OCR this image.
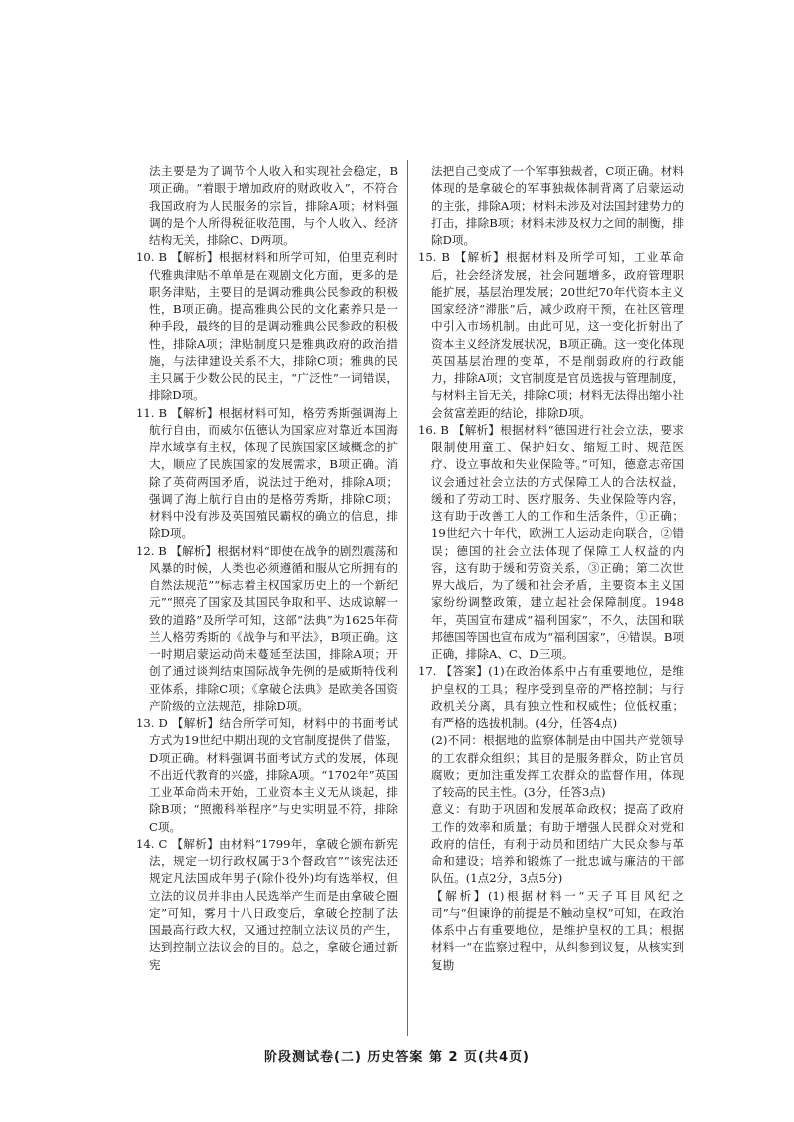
法主要是为了调节个人收入和实现社会稳定，B项正确。“着眼于增加政府的财政收入”，不符合我国政府为人民服务的宗旨，排除A项；材料强调的是个人所得税征收范围，与个人收入、经济结构无关，排除C、D两项。

10. B 【解析】根据材料和所学可知，伯里克利时代雅典津贴不单单是在观剧文化方面，更多的是职务津贴，主要目的是调动雅典公民参政的积极性，B项正确。提高雅典公民的文化素养只是一种手段，最终的目的是调动雅典公民参政的积极性，排除A项；津贴制度只是雅典政府的政治措施，与法律建设关系不大，排除C项；雅典的民主只属于少数公民的民主，“广泛性”一词错误，排除D项。

11. B 【解析】根据材料可知，格劳秀斯强调海上航行自由，而威尔伍德认为国家应对靠近本国海岸水域享有主权，体现了民族国家区域概念的扩大，顺应了民族国家的发展需求，B项正确。消除了英荷两国矛盾，说法过于绝对，排除A项；强调了海上航行自由的是格劳秀斯，排除C项；材料中没有涉及英国殖民霸权的确立的信息，排除D项。

12. B 【解析】根据材料“即使在战争的剧烈震荡和风暴的时候，人类也必须遵循和服从它所拥有的自然法规范”“标志着主权国家历史上的一个新纪元”“照亮了国家及其国民争取和平、达成谅解一致的道路”及所学可知，这部“法典”为1625年荷兰人格劳秀斯的《战争与和平法》，B项正确。这一时期启蒙运动尚未蔓延至法国，排除A项；开创了通过谈判结束国际战争先例的是威斯特伐利亚体系，排除C项；《拿破仑法典》是欧美各国资产阶级的立法规范，排除D项。

13. D 【解析】结合所学可知，材料中的书面考试方式为19世纪中期出现的文官制度提供了借鉴，D项正确。材料强调书面考试方式的发展，体现不出近代教育的兴盛，排除A项。“1702年”英国工业革命尚未开始，工业资本主义无从谈起，排除B项；“照搬科举程序”与史实明显不符，排除C项。

14. C 【解析】由材料“1799年，拿破仑颁布新宪法，规定一切行政权属于3个督政官”“该宪法还规定凡法国成年男子(除仆役外)均有选举权，但立法的议员并非由人民选举产生而是由拿破仑圈定”可知，雾月十八日政变后，拿破仑控制了法国最高行政大权，又通过控制立法议员的产生，达到控制立法议会的目的。总之，拿破仑通过新宪

法把自己变成了一个军事独裁者，C项正确。材料体现的是拿破仑的军事独裁体制背离了启蒙运动的主张，排除A项；材料未涉及对法国封建势力的打击，排除B项；材料未涉及权力之间的制衡，排除D项。

15. B 【解析】根据材料及所学可知，工业革命后，社会经济发展，社会问题增多，政府管理职能扩展，基层治理发展；20世纪70年代资本主义国家经济“滞胀”后，减少政府干预，在社区管理中引入市场机制。由此可见，这一变化折射出了资本主义经济发展状况，B项正确。这一变化体现英国基层治理的变革，不是削弱政府的行政能力，排除A项；文官制度是官员选拔与管理制度，与材料主旨无关，排除C项；材料无法得出缩小社会贫富差距的结论，排除D项。

16. B 【解析】根据材料“德国进行社会立法，要求限制使用童工、保护妇女、缩短工时、规范医疗、设立事故和失业保险等。”可知，德意志帝国议会通过社会立法的方式保障工人的合法权益，缓和了劳动工时、医疗服务、失业保险等内容，这有助于改善工人的工作和生活条件，①正确；19世纪六十年代，欧洲工人运动走向联合，②错误；德国的社会立法体现了保障工人权益的内容，这有助于缓和劳资关系，③正确；第二次世界大战后，为了缓和社会矛盾，主要资本主义国家纷纷调整政策，建立起社会保障制度。1948年，英国宣布建成“福利国家”，不久，法国和联邦德国等国也宣布成为“福利国家”，④错误。B项正确，排除A、C、D三项。

17. 【答案】(1)在政治体系中占有重要地位，是维护皇权的工具；程序受到皇帝的严格控制；与行政机关分离，具有独立性和权威性；位低权重；有严格的选拔机制。(4分，任答4点)

(2)不同：根据地的监察体制是由中国共产党领导的工农群众组织；其目的是服务群众，防止官员腐败；更加注重发挥工农群众的监督作用，体现了较高的民主性。(3分，任答3点)

意义：有助于巩固和发展革命政权；提高了政府工作的效率和质量；有助于增强人民群众对党和政府的信任，有利于动员和团结广大民众参与革命和建设；培养和锻炼了一批忠诚与廉洁的干部队伍。(1点2分，3点5分)

【解析】(1)根据材料一“天子耳目风纪之司”与“但谏诤的前提是不触动皇权”可知，在政治体系中占有重要地位，是维护皇权的工具；根据材料一“在监察过程中，从纠参到议复，从核实到复勘

阶段测试卷(二) 历史答案 第 2 页(共4页)
